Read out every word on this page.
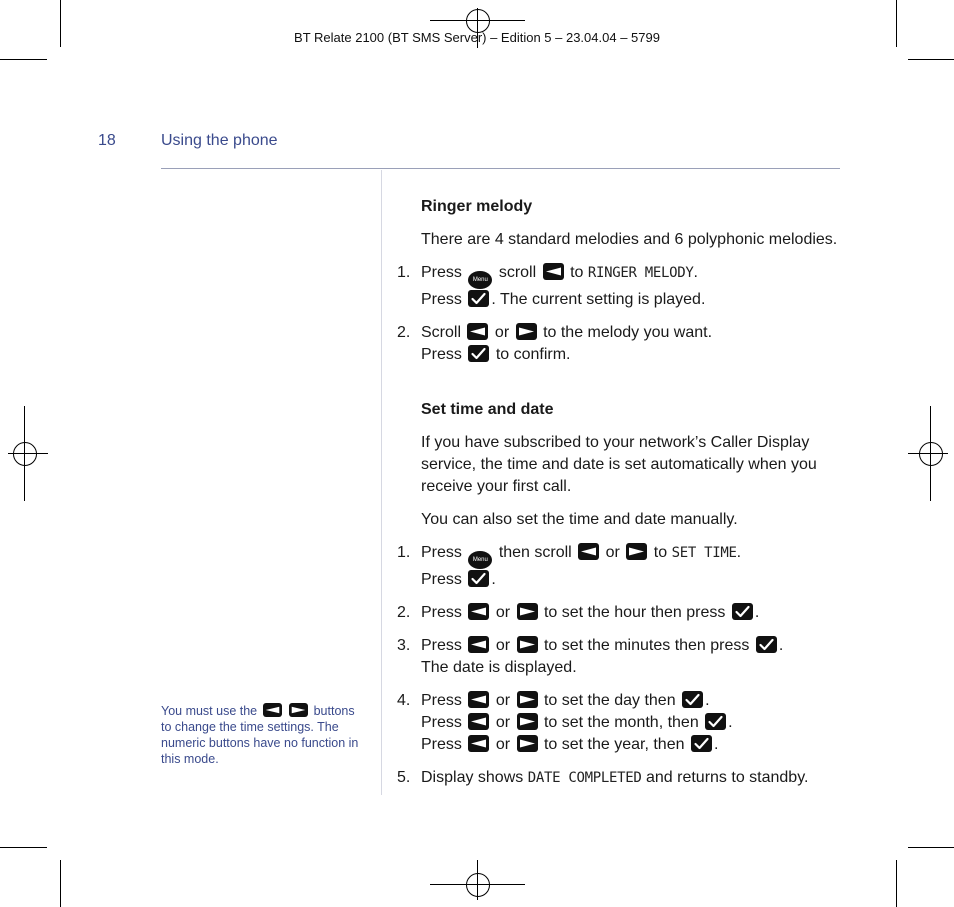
BT Relate 2100 (BT SMS Server) – Edition 5 – 23.04.04 – 5799
18	Using the phone
Ringer melody
There are 4 standard melodies and 6 polyphonic melodies.
1. Press Menu scroll to RINGER MELODY.
Press . The current setting is played.
2. Scroll or to the melody you want.
Press to confirm.
Set time and date
If you have subscribed to your network’s Caller Display service, the time and date is set automatically when you receive your first call.
You can also set the time and date manually.
1. Press Menu then scroll or to SET TIME.
Press .
2. Press or to set the hour then press .
3. Press or to set the minutes then press .
The date is displayed.
4. Press or to set the day then .
Press or to set the month, then .
Press or to set the year, then .
5. Display shows DATE COMPLETED and returns to standby.
You must use the
	buttons to change the time settings. The numeric buttons have no function in this mode.
